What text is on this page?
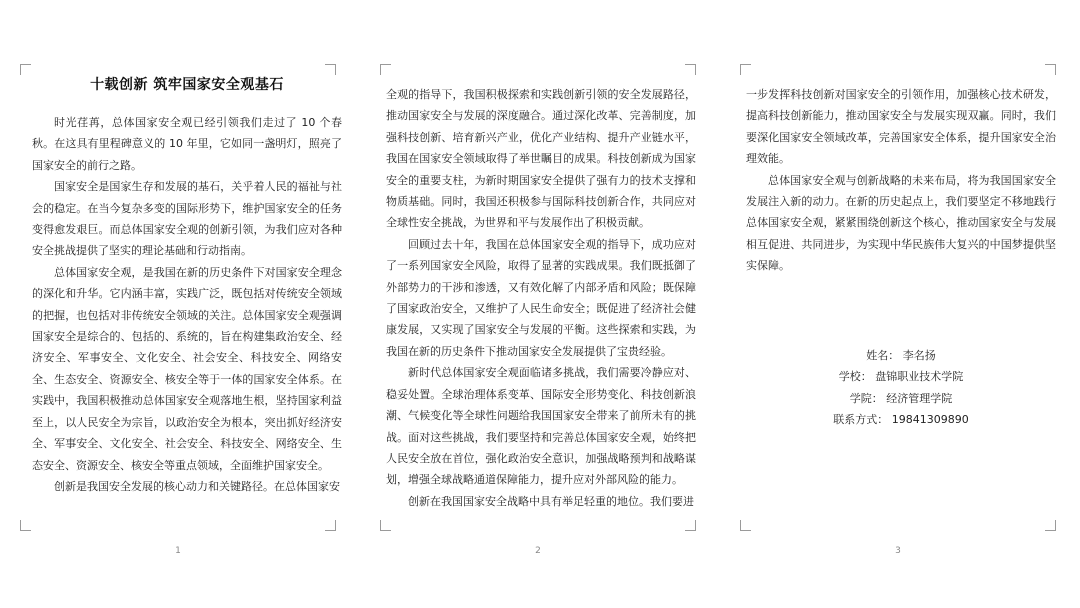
十载创新 筑牢国家安全观基石

时光荏苒，总体国家安全观已经引领我们走过了 10 个春秋。在这具有里程碑意义的 10 年里，它如同一盏明灯，照亮了国家安全的前行之路。

国家安全是国家生存和发展的基石，关乎着人民的福祉与社会的稳定。在当今复杂多变的国际形势下，维护国家安全的任务变得愈发艰巨。而总体国家安全观的创新引领，为我们应对各种安全挑战提供了坚实的理论基础和行动指南。

总体国家安全观，是我国在新的历史条件下对国家安全理念的深化和升华。它内涵丰富，实践广泛，既包括对传统安全领域的把握，也包括对非传统安全领域的关注。总体国家安全观强调国家安全是综合的、包括的、系统的，旨在构建集政治安全、经济安全、军事安全、文化安全、社会安全、科技安全、网络安全、生态安全、资源安全、核安全等于一体的国家安全体系。在实践中，我国积极推动总体国家安全观落地生根，坚持国家利益至上，以人民安全为宗旨，以政治安全为根本，突出抓好经济安全、军事安全、文化安全、社会安全、科技安全、网络安全、生态安全、资源安全、核安全等重点领域，全面维护国家安全。

创新是我国安全发展的核心动力和关键路径。在总体国家安

1

全观的指导下，我国积极探索和实践创新引领的安全发展路径，推动国家安全与发展的深度融合。通过深化改革、完善制度，加强科技创新、培育新兴产业，优化产业结构、提升产业链水平，我国在国家安全领域取得了举世瞩目的成果。科技创新成为国家安全的重要支柱，为新时期国家安全提供了强有力的技术支撑和物质基础。同时，我国还积极参与国际科技创新合作，共同应对全球性安全挑战，为世界和平与发展作出了积极贡献。

回顾过去十年，我国在总体国家安全观的指导下，成功应对了一系列国家安全风险，取得了显著的实践成果。我们既抵御了外部势力的干涉和渗透，又有效化解了内部矛盾和风险；既保障了国家政治安全，又维护了人民生命安全；既促进了经济社会健康发展，又实现了国家安全与发展的平衡。这些探索和实践，为我国在新的历史条件下推动国家安全发展提供了宝贵经验。

新时代总体国家安全观面临诸多挑战，我们需要冷静应对、稳妥处置。全球治理体系变革、国际安全形势变化、科技创新浪潮、气候变化等全球性问题给我国国家安全带来了前所未有的挑战。面对这些挑战，我们要坚持和完善总体国家安全观，始终把人民安全放在首位，强化政治安全意识，加强战略预判和战略谋划，增强全球战略通道保障能力，提升应对外部风险的能力。

创新在我国国家安全战略中具有举足轻重的地位。我们要进

2

一步发挥科技创新对国家安全的引领作用，加强核心技术研发，提高科技创新能力，推动国家安全与发展实现双赢。同时，我们要深化国家安全领域改革，完善国家安全体系，提升国家安全治理效能。

总体国家安全观与创新战略的未来布局，将为我国国家安全发展注入新的动力。在新的历史起点上，我们要坚定不移地践行总体国家安全观，紧紧围绕创新这个核心，推动国家安全与发展相互促进、共同进步，为实现中华民族伟大复兴的中国梦提供坚实保障。

姓名： 李名扬
学校： 盘锦职业技术学院
学院： 经济管理学院
联系方式： 19841309890
3
